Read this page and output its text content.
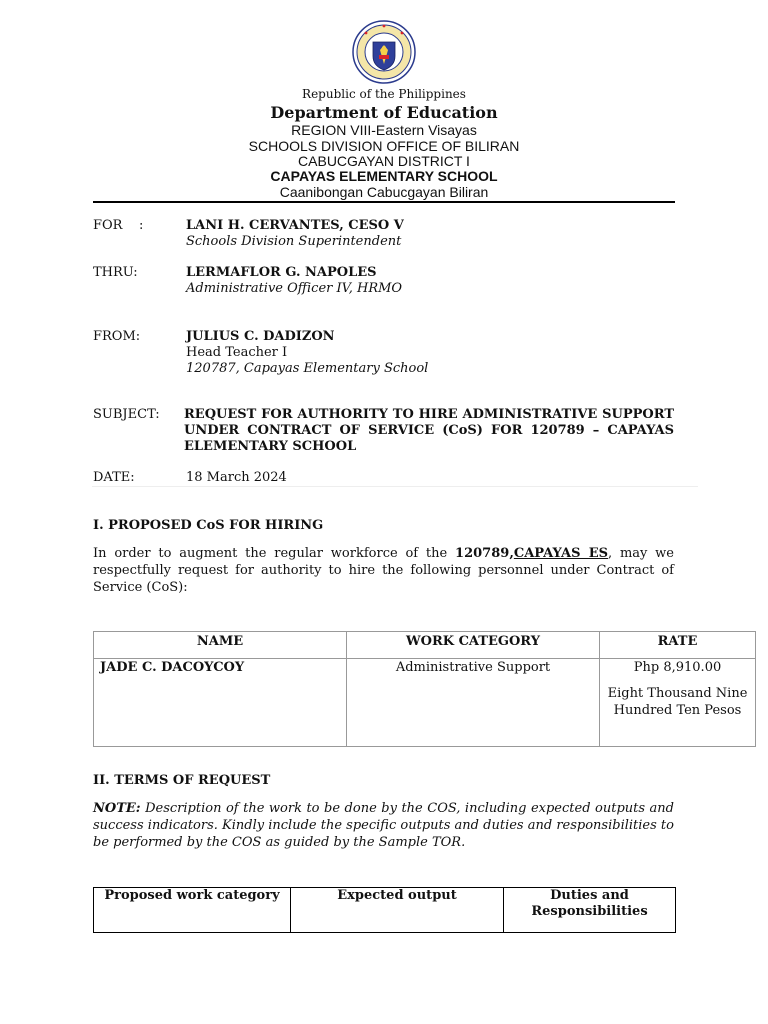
Republic of the Philippines
Department of Education
REGION VIII-Eastern Visayas
SCHOOLS DIVISION OFFICE OF BILIRAN
CABUCGAYAN DISTRICT I
CAPAYAS ELEMENTARY SCHOOL
Caanibongan Cabucgayan Biliran
FOR    :	LANI H. CERVANTES, CESO V
Schools Division Superintendent
THRU:	LERMAFLOR G. NAPOLES
Administrative Officer IV, HRMO
FROM:	JULIUS C. DADIZON
Head Teacher I
120787, Capayas Elementary School
SUBJECT: REQUEST FOR AUTHORITY TO HIRE ADMINISTRATIVE SUPPORT UNDER CONTRACT OF SERVICE (CoS) FOR 120789 – CAPAYAS ELEMENTARY SCHOOL
DATE:	18 March 2024
I. PROPOSED CoS FOR HIRING
In order to augment the regular workforce of the 120789,CAPAYAS ES, may we respectfully request for authority to hire the following personnel under Contract of Service (CoS):
NAME	WORK CATEGORY	RATE
JADE C. DACOYCOY	Administrative Support	Php 8,910.00
Eight Thousand Nine Hundred Ten Pesos
II. TERMS OF REQUEST
NOTE: Description of the work to be done by the COS, including expected outputs and success indicators. Kindly include the specific outputs and duties and responsibilities to be performed by the COS as guided by the Sample TOR.
Proposed work category	Expected output	Duties and Responsibilities
